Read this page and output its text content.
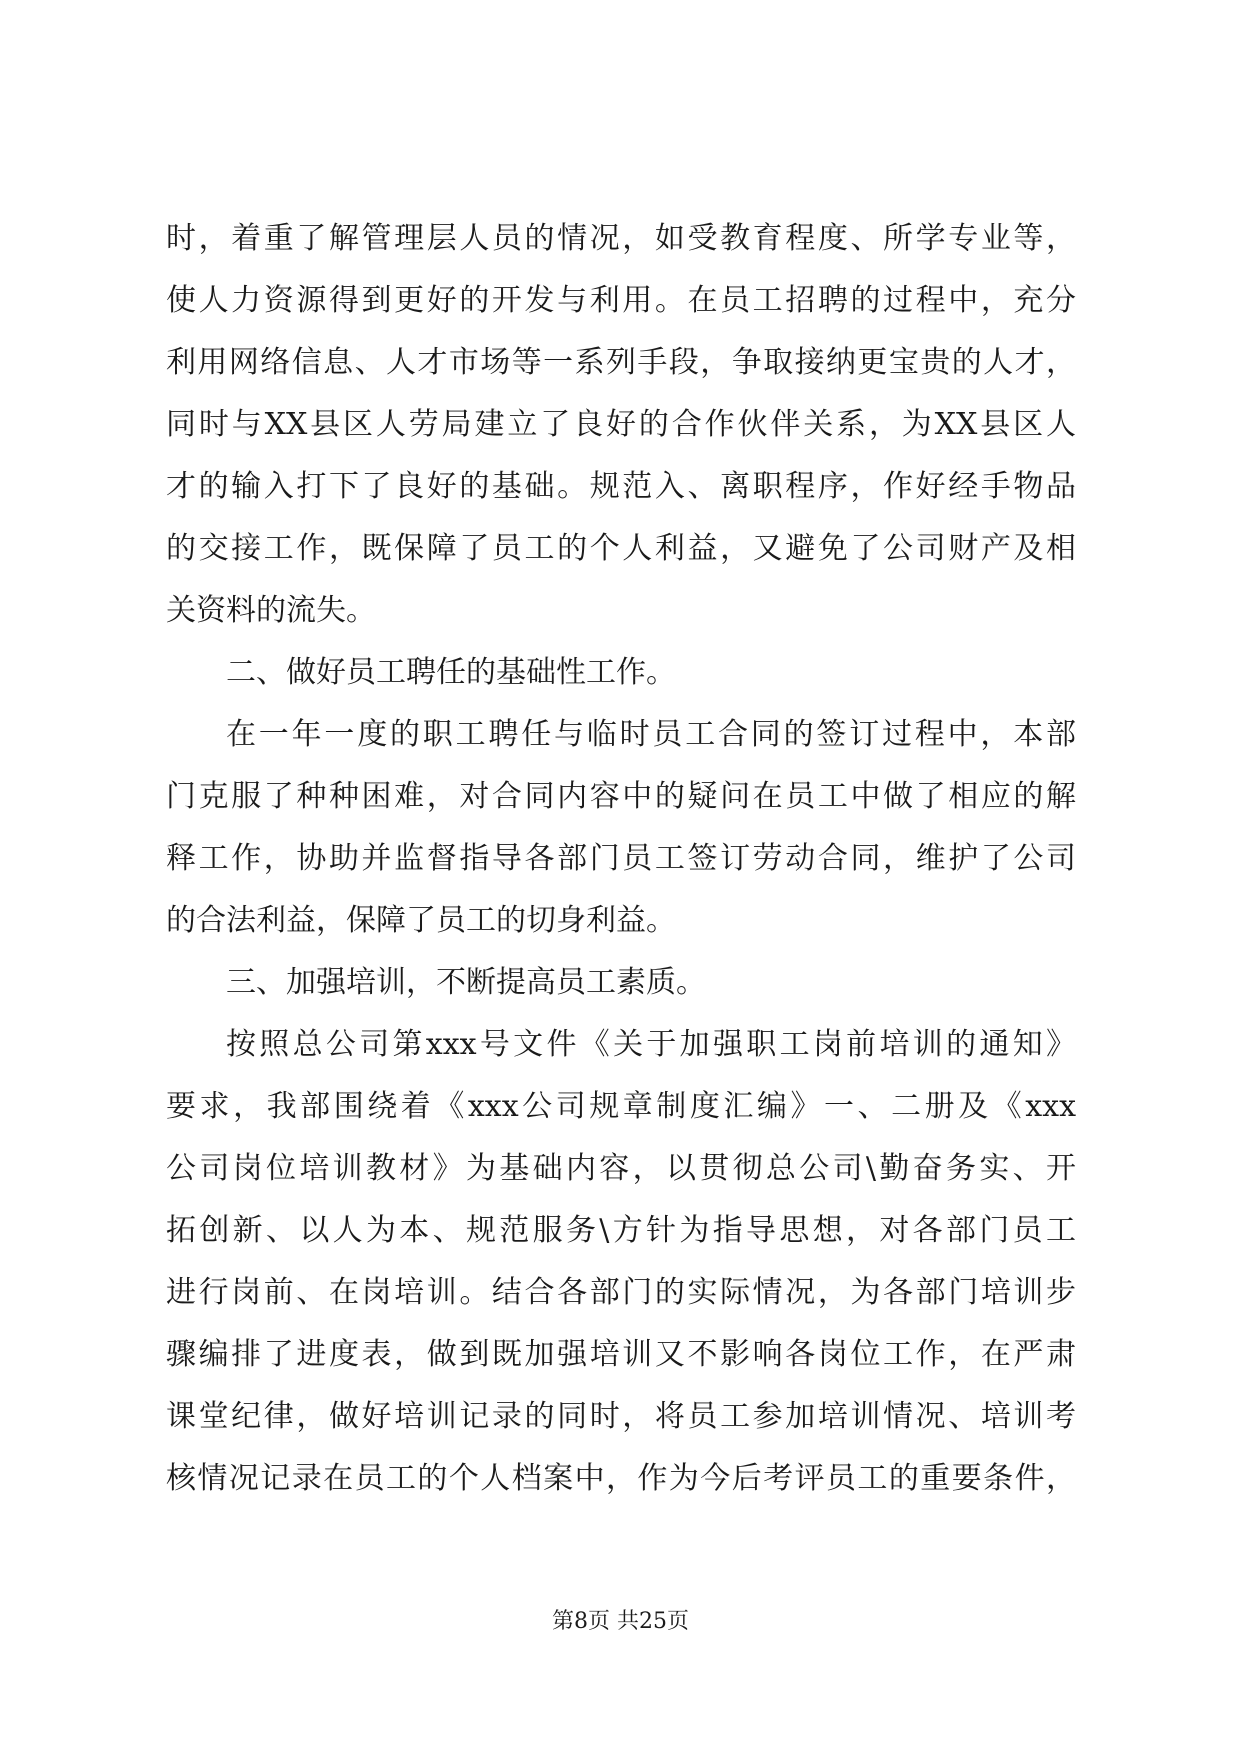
时，着重了解管理层人员的情况，如受教育程度、所学专业等，
使人力资源得到更好的开发与利用。在员工招聘的过程中，充分
利用网络信息、人才市场等一系列手段，争取接纳更宝贵的人才，
同时与XX县区人劳局建立了良好的合作伙伴关系，为XX县区人
才的输入打下了良好的基础。规范入、离职程序，作好经手物品
的交接工作，既保障了员工的个人利益，又避免了公司财产及相
关资料的流失。
二、做好员工聘任的基础性工作。
在一年一度的职工聘任与临时员工合同的签订过程中，本部
门克服了种种困难，对合同内容中的疑问在员工中做了相应的解
释工作，协助并监督指导各部门员工签订劳动合同，维护了公司
的合法利益，保障了员工的切身利益。
三、加强培训，不断提高员工素质。
按照总公司第xxx号文件《关于加强职工岗前培训的通知》
要求，我部围绕着《xxx公司规章制度汇编》一、二册及《xxx
公司岗位培训教材》为基础内容，以贯彻总公司\勤奋务实、开
拓创新、以人为本、规范服务\方针为指导思想，对各部门员工
进行岗前、在岗培训。结合各部门的实际情况，为各部门培训步
骤编排了进度表，做到既加强培训又不影响各岗位工作，在严肃
课堂纪律，做好培训记录的同时，将员工参加培训情况、培训考
核情况记录在员工的个人档案中，作为今后考评员工的重要条件，
第8页 共25页
